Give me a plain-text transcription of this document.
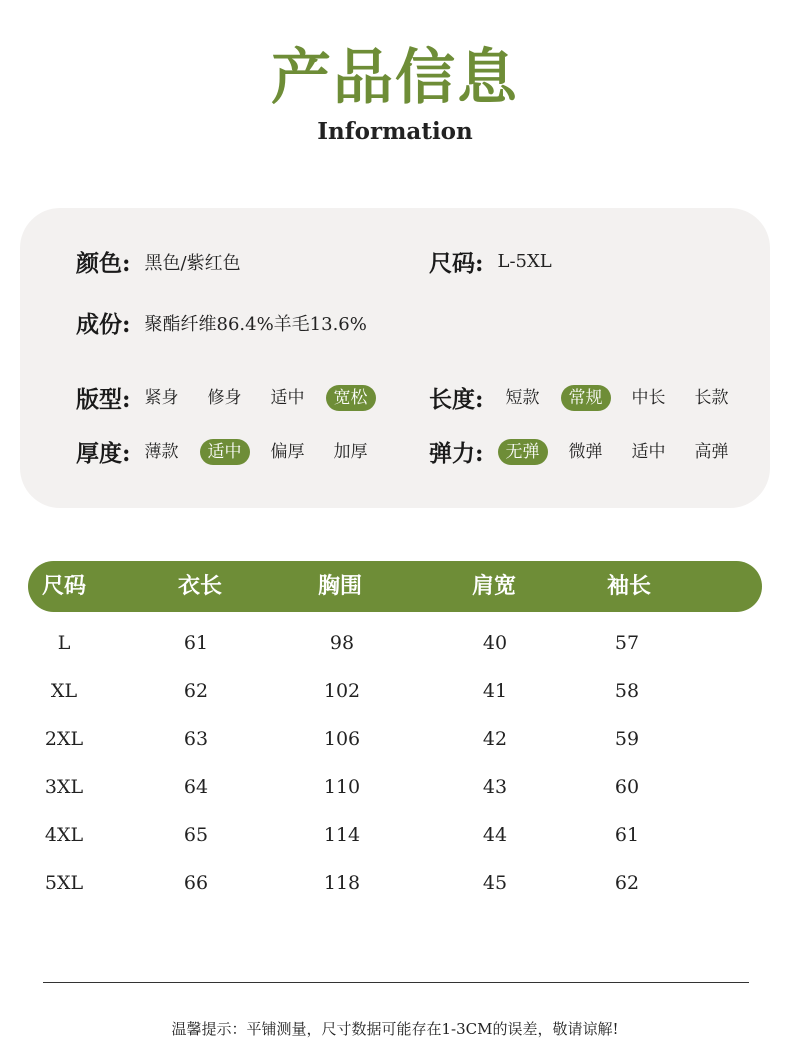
产品信息
Information
颜色: 黑色/紫红色	尺码: L-5XL
成份: 聚酯纤维86.4%羊毛13.6%
版型: 紧身	修身	适中	宽松	长度:	短款	常规	中长	长款
厚度: 薄款	适中	偏厚	加厚	弹力:	无弹	微弹	适中	高弹
尺码	衣长	胸围	肩宽	袖长
L	61	98	40	57
XL	62	102	41	58
2XL	63	106	42	59
3XL	64	110	43	60
4XL	65	114	44	61
5XL	66	118	45	62
温馨提示：平铺测量，尺寸数据可能存在1-3CM的误差，敬请谅解!
